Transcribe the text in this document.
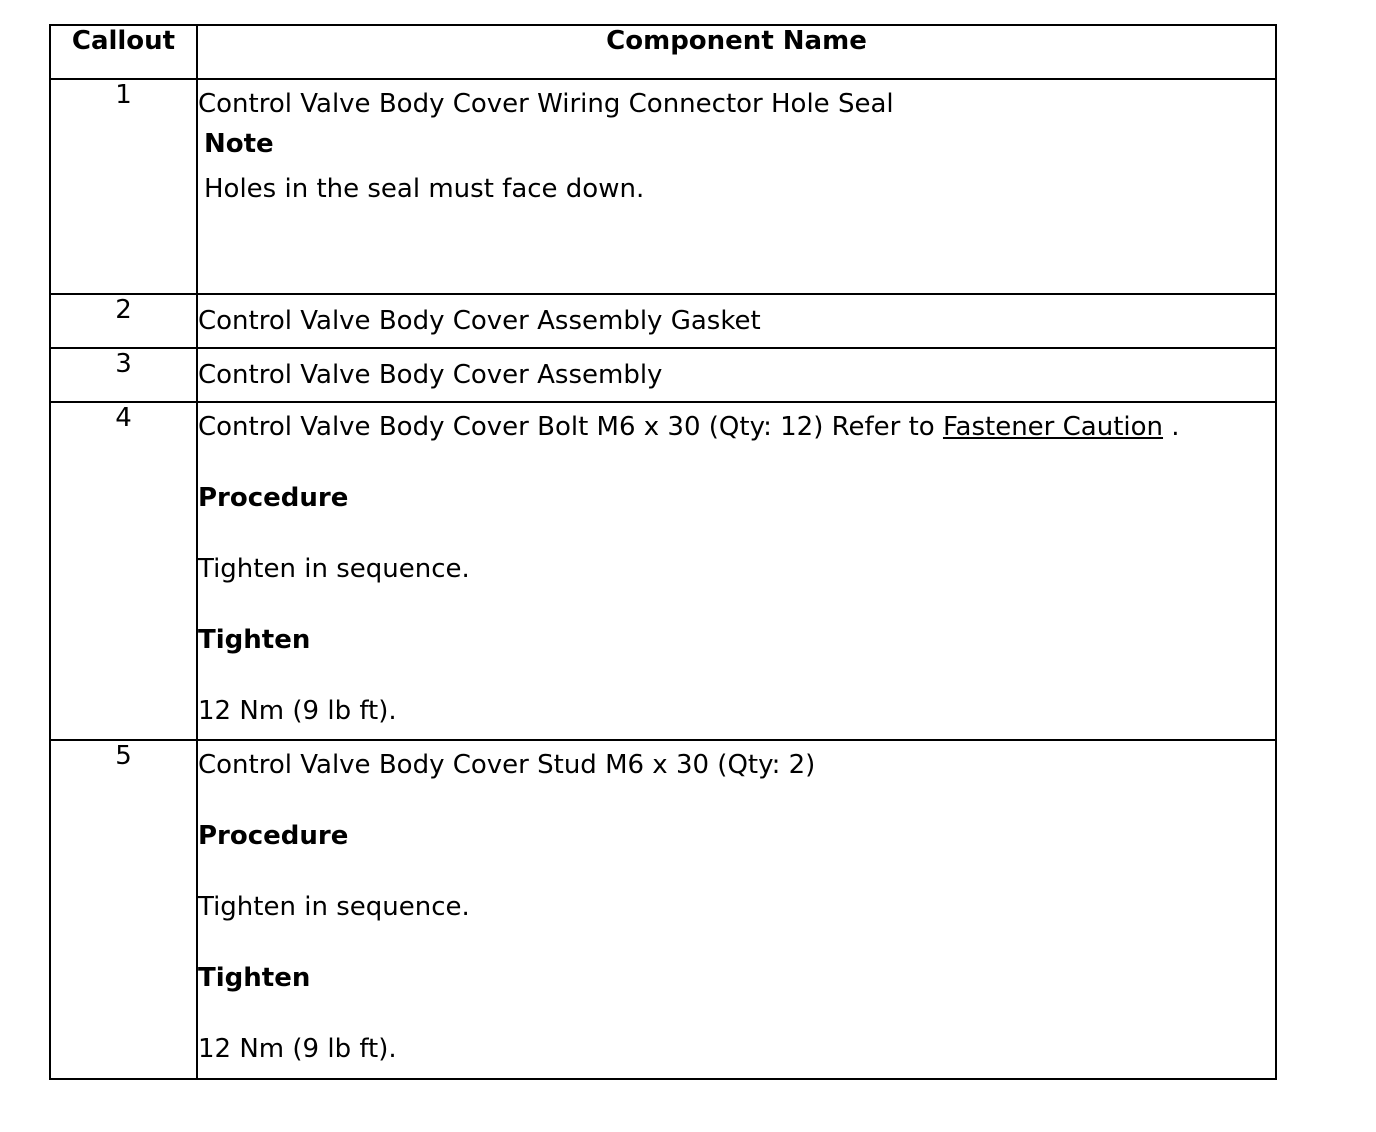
Callout	Component Name
1	Control Valve Body Cover Wiring Connector Hole Seal
Note
Holes in the seal must face down.

2	Control Valve Body Cover Assembly Gasket

3	Control Valve Body Cover Assembly

4	Control Valve Body Cover Bolt M6 x 30 (Qty: 12) Refer to Fastener Caution .
Procedure
Tighten in sequence.
Tighten
12 Nm (9 lb ft).

5	Control Valve Body Cover Stud M6 x 30 (Qty: 2)
Procedure
Tighten in sequence.
Tighten
12 Nm (9 lb ft).
